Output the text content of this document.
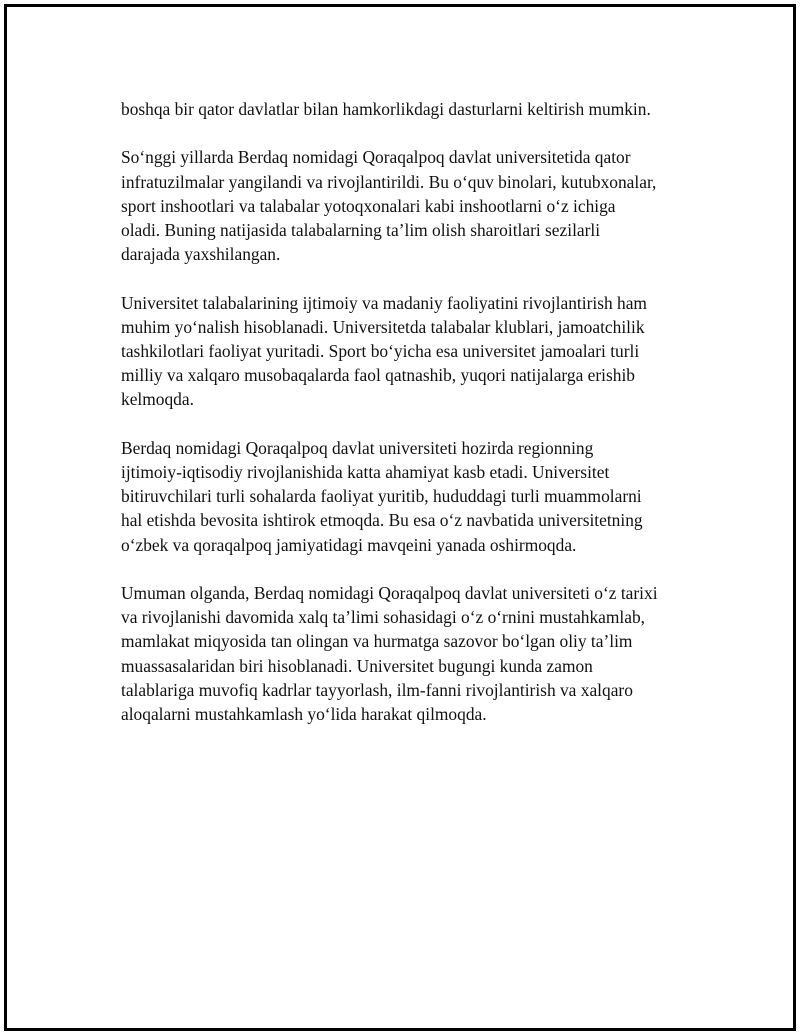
boshqa bir qator davlatlar bilan hamkorlikdagi dasturlarni keltirish mumkin.

So‘nggi yillarda Berdaq nomidagi Qoraqalpoq davlat universitetida qator
infratuzilmalar yangilandi va rivojlantirildi. Bu o‘quv binolari, kutubxonalar,
sport inshootlari va talabalar yotoqxonalari kabi inshootlarni o‘z ichiga
oladi. Buning natijasida talabalarning ta’lim olish sharoitlari sezilarli
darajada yaxshilangan.

Universitet talabalarining ijtimoiy va madaniy faoliyatini rivojlantirish ham
muhim yo‘nalish hisoblanadi. Universitetda talabalar klublari, jamoatchilik
tashkilotlari faoliyat yuritadi. Sport bo‘yicha esa universitet jamoalari turli
milliy va xalqaro musobaqalarda faol qatnashib, yuqori natijalarga erishib
kelmoqda.

Berdaq nomidagi Qoraqalpoq davlat universiteti hozirda regionning
ijtimoiy-iqtisodiy rivojlanishida katta ahamiyat kasb etadi. Universitet
bitiruvchilari turli sohalarda faoliyat yuritib, hududdagi turli muammolarni
hal etishda bevosita ishtirok etmoqda. Bu esa o‘z navbatida universitetning
o‘zbek va qoraqalpoq jamiyatidagi mavqeini yanada oshirmoqda.

Umuman olganda, Berdaq nomidagi Qoraqalpoq davlat universiteti o‘z tarixi
va rivojlanishi davomida xalq ta’limi sohasidagi o‘z o‘rnini mustahkamlab,
mamlakat miqyosida tan olingan va hurmatga sazovor bo‘lgan oliy ta’lim
muassasalaridan biri hisoblanadi. Universitet bugungi kunda zamon
talablariga muvofiq kadrlar tayyorlash, ilm-fanni rivojlantirish va xalqaro
aloqalarni mustahkamlash yo‘lida harakat qilmoqda.
